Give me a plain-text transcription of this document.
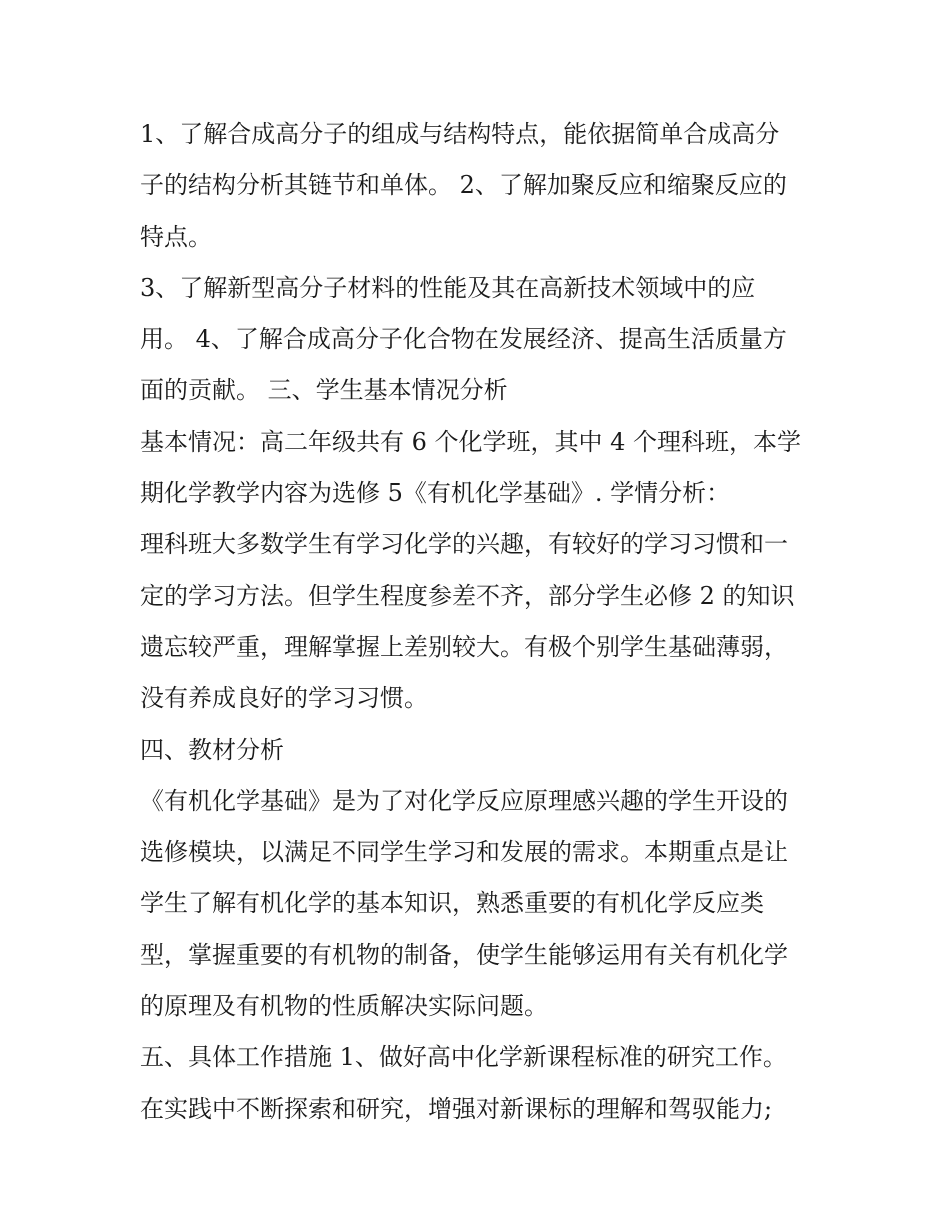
1、了解合成高分子的组成与结构特点，能依据简单合成高分
子的结构分析其链节和单体。 2、了解加聚反应和缩聚反应的
特点。
3、了解新型高分子材料的性能及其在高新技术领域中的应
用。 4、了解合成高分子化合物在发展经济、提高生活质量方
面的贡献。 三、学生基本情况分析
基本情况：高二年级共有 6 个化学班，其中 4 个理科班，本学
期化学教学内容为选修 5《有机化学基础》. 学情分析：
理科班大多数学生有学习化学的兴趣，有较好的学习习惯和一
定的学习方法。但学生程度参差不齐，部分学生必修 2 的知识
遗忘较严重，理解掌握上差别较大。有极个别学生基础薄弱，
没有养成良好的学习习惯。
四、教材分析
《有机化学基础》是为了对化学反应原理感兴趣的学生开设的
选修模块，以满足不同学生学习和发展的需求。本期重点是让
学生了解有机化学的基本知识，熟悉重要的有机化学反应类
型，掌握重要的有机物的制备，使学生能够运用有关有机化学
的原理及有机物的性质解决实际问题。
五、具体工作措施 1、做好高中化学新课程标准的研究工作。
在实践中不断探索和研究，增强对新课标的理解和驾驭能力;
